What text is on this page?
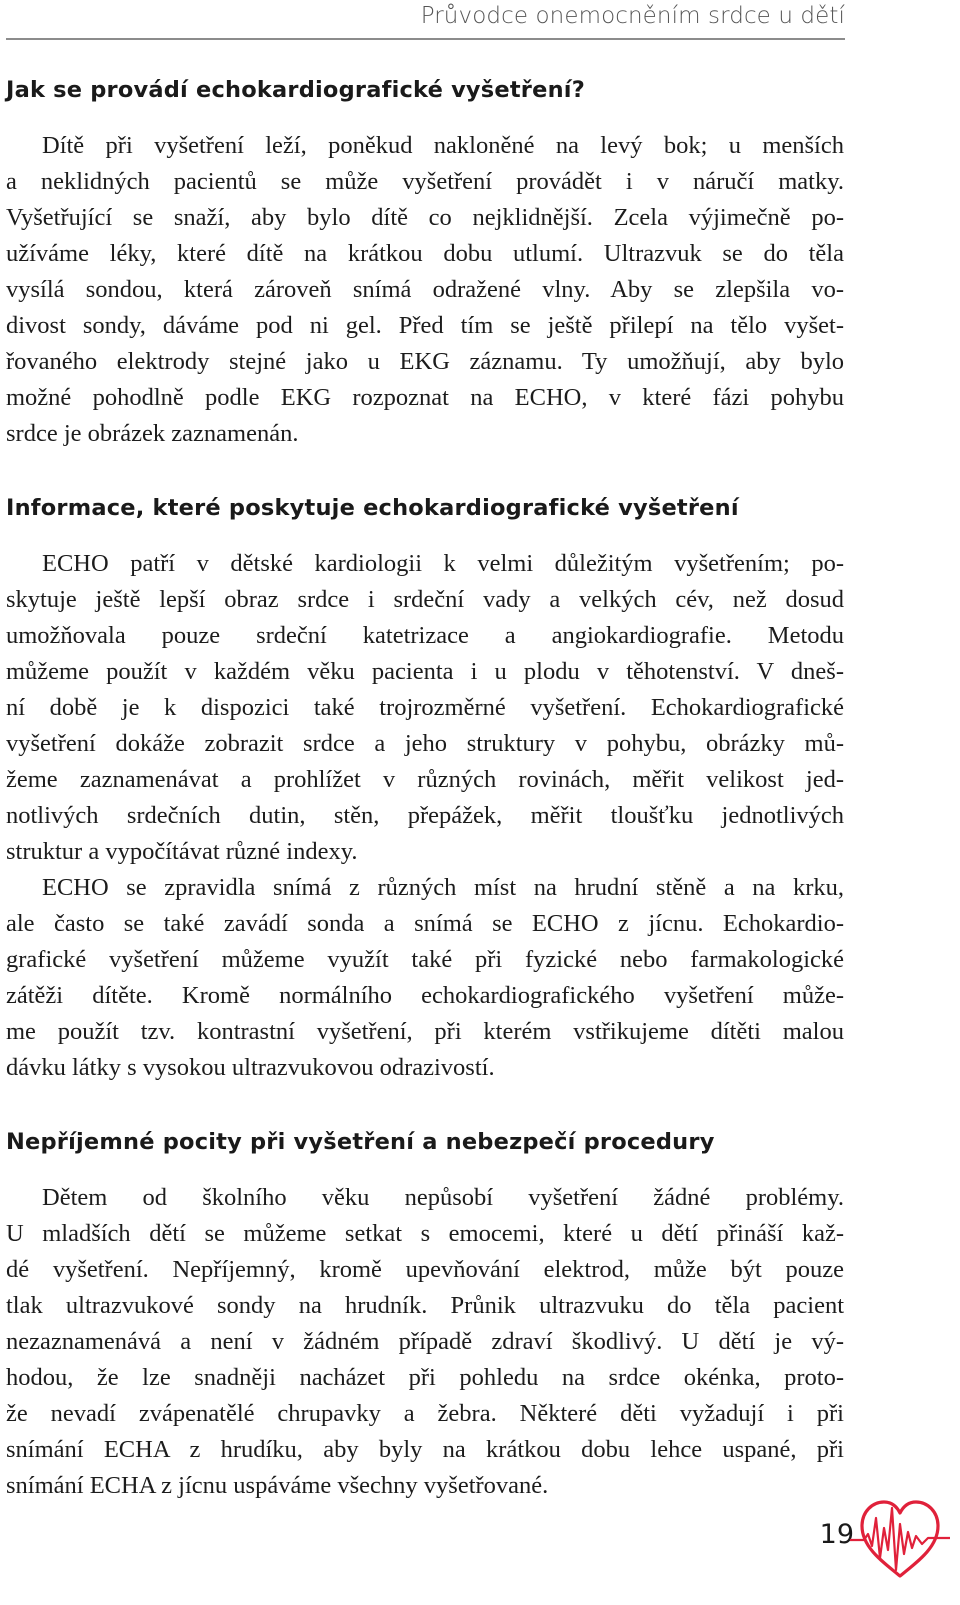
Průvodce onemocněním srdce u dětí
Jak se provádí echokardiografické vyšetření?

Dítě při vyšetření leží, poněkud nakloněné na levý bok; u menších
a neklidných pacientů se může vyšetření provádět i v náručí matky.
Vyšetřující se snaží, aby bylo dítě co nejklidnější. Zcela výjimečně po-
užíváme léky, které dítě na krátkou dobu utlumí. Ultrazvuk se do těla
vysílá sondou, která zároveň snímá odražené vlny. Aby se zlepšila vo-
divost sondy, dáváme pod ni gel. Před tím se ještě přilepí na tělo vyšet-
řovaného elektrody stejné jako u EKG záznamu. Ty umožňují, aby bylo
možné pohodlně podle EKG rozpoznat na ECHO, v které fázi pohybu
srdce je obrázek zaznamenán.

Informace, které poskytuje echokardiografické vyšetření

ECHO patří v dětské kardiologii k velmi důležitým vyšetřením; po-
skytuje ještě lepší obraz srdce i srdeční vady a velkých cév, než dosud
umožňovala pouze srdeční katetrizace a angiokardiografie. Metodu
můžeme použít v každém věku pacienta i u plodu v těhotenství. V dneš-
ní době je k dispozici také trojrozměrné vyšetření. Echokardiografické
vyšetření dokáže zobrazit srdce a jeho struktury v pohybu, obrázky mů-
žeme zaznamenávat a prohlížet v různých rovinách, měřit velikost jed-
notlivých srdečních dutin, stěn, přepážek, měřit tloušťku jednotlivých
struktur a vypočítávat různé indexy.

ECHO se zpravidla snímá z různých míst na hrudní stěně a na krku,
ale často se také zavádí sonda a snímá se ECHO z jícnu. Echokardio-
grafické vyšetření můžeme využít také při fyzické nebo farmakologické
zátěži dítěte. Kromě normálního echokardiografického vyšetření může-
me použít tzv. kontrastní vyšetření, při kterém vstřikujeme dítěti malou
dávku látky s vysokou ultrazvukovou odrazivostí.

Nepříjemné pocity při vyšetření a nebezpečí procedury

Dětem od školního věku nepůsobí vyšetření žádné problémy.
U mladších dětí se můžeme setkat s emocemi, které u dětí přináší kaž-
dé vyšetření. Nepříjemný, kromě upevňování elektrod, může být pouze
tlak ultrazvukové sondy na hrudník. Průnik ultrazvuku do těla pacient
nezaznamenává a není v žádném případě zdraví škodlivý. U dětí je vý-
hodou, že lze snadněji nacházet při pohledu na srdce okénka, proto-
že nevadí zvápenatělé chrupavky a žebra. Některé děti vyžadují i při
snímání ECHA z hrudíku, aby byly na krátkou dobu lehce uspané, při
snímání ECHA z jícnu uspáváme všechny vyšetřované.

19
